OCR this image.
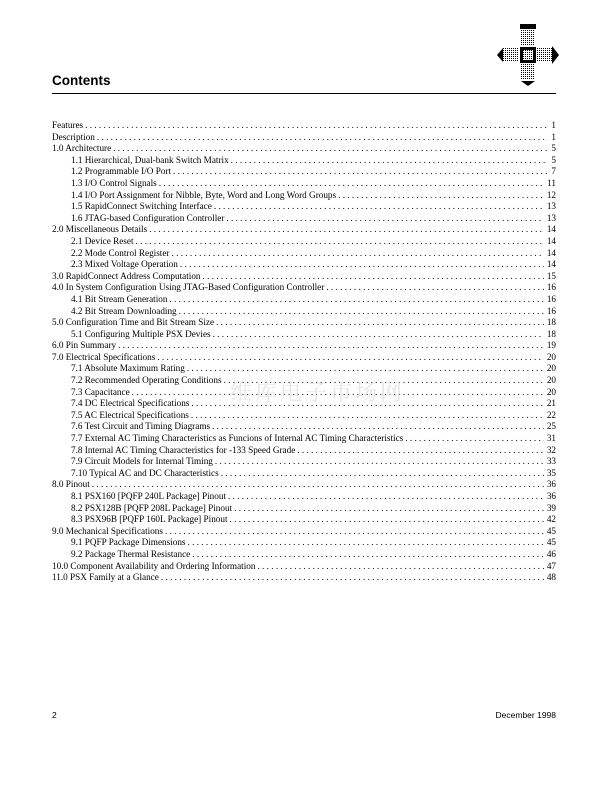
Contents
Features . . .	1
Description . . .	1
1.0 Architecture . . .	5
1.1 Hierarchical, Dual-bank Switch Matrix . . .	5
1.2 Programmable I/O Port . . .	7
1.3 I/O Control Signals . . .	11
1.4 I/O Port Assignment for Nibble, Byte, Word and Long Word Groups . . .	12
1.5 RapidConnect Switching Interface . . .	13
1.6 JTAG-based Configuration Controller . . .	13
2.0 Miscellaneous Details . . .	14
2.1 Device Reset . . .	14
2.2 Mode Control Register . . .	14
2.3 Mixed Voltage Operation . . .	14
3.0 RapidConnect Address Computation . . .	15
4.0 In System Configuration Using JTAG-Based Configuration Controller . . .	16
4.1 Bit Stream Generation . . .	16
4.2 Bit Stream Downloading . . .	16
5.0 Configuration Time and Bit Stream Size . . .	18
5.1 Configuring Multiple PSX Devies . . .	18
6.0 Pin Summary . . .	19
7.0 Electrical Specifications . . .	20
7.1 Absolute Maximum Rating . . .	20
7.2 Recommended Operating Conditions . . .	20
7.3 Capacitance . . .	20
7.4 DC Electrical Specifications . . .	21
7.5 AC Electrical Specifications . . .	22
7.6 Test Circuit and Timing Diagrams . . .	25
7.7 External AC Timing Characteristics as Funcions of Internal AC Timing Characteristics . . .	31
7.8 Internal AC Timing Characteristics for -133 Speed Grade . . .	32
7.9 Circuit Models for Internal Timing . . .	33
7.10 Typical AC and DC Characteristics . . .	35
8.0 Pinout . . .	36
8.1 PSX160 [PQFP 240L Package] Pinout . . .	36
8.2 PSX128B [PQFP 208L Package] Pinout . . .	39
8.3 PSX96B [PQFP 160L Package] Pinout . . .	42
9.0 Mechanical Specifications . . .	45
9.1 PQFP Package Dimensions . . .	45
9.2 Package Thermal Resistance . . .	46
10.0 Component Availability and Ordering Information . . .	47
11.0 PSX Family at a Glance . . .	48
维库电子市场网
2	December 1998
